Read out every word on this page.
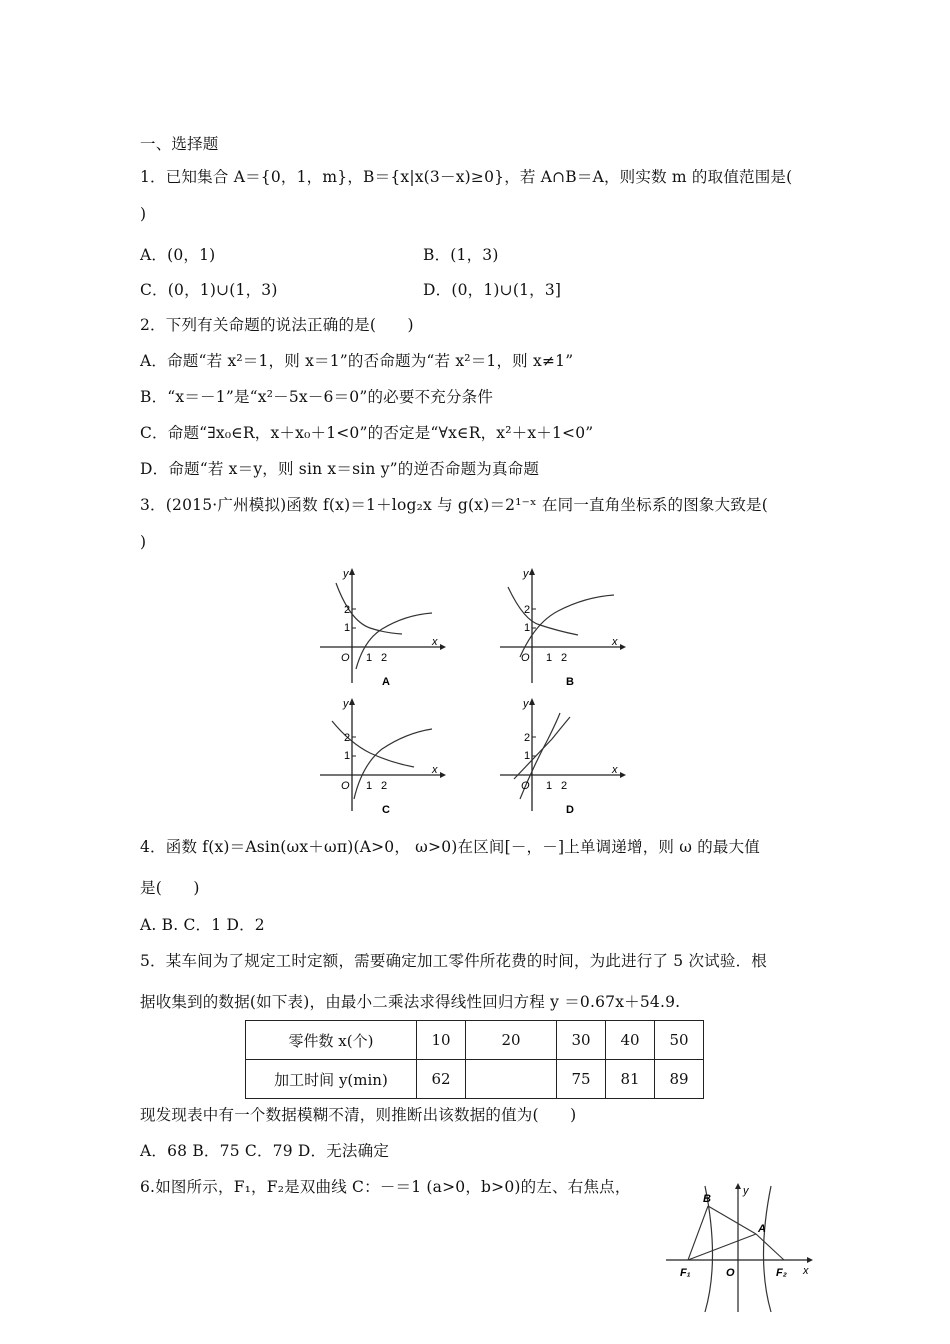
一、选择题
1．已知集合 A＝{0，1，m}，B＝{x|x(3－x)≥0}，若 A∩B＝A，则实数 m 的取值范围是(
)
A．(0，1)	B．(1，3)
C．(0，1)∪(1，3)	D．(0，1)∪(1，3]
2．下列有关命题的说法正确的是(　　)
A．命题“若 x²＝1，则 x＝1”的否命题为“若 x²＝1，则 x≠1”
B．“x＝－1”是“x²－5x－6＝0”的必要不充分条件
C．命题“∃x₀∈R，x＋x₀＋1<0”的否定是“∀x∈R，x²＋x＋1<0”
D．命题“若 x＝y，则 sin x＝sin y”的逆否命题为真命题
3．(2015·广州模拟)函数 f(x)＝1＋log₂x 与 g(x)＝2¹⁻ˣ 在同一直角坐标系的图象大致是(
)
y
x
O
2
1
1 2
A
y
x
O
2
1
1 2
B
y
x
O
2
1
1 2
C
y
x
O
2
1
1 2
D
4．函数 f(x)＝Asin(ωx＋ωπ)(A>0， ω>0)在区间[－，－]上单调递增，则 ω 的最大值
是(　　)
A. B. C．1 D．2
5．某车间为了规定工时定额，需要确定加工零件所花费的时间，为此进行了 5 次试验．根
据收集到的数据(如下表)，由最小二乘法求得线性回归方程 y ＝0.67x＋54.9.
零件数 x(个)	10	20	30	40	50
加工时间 y(min)	62		75	81	89
现发现表中有一个数据模糊不清，则推断出该数据的值为(　　)
A．68 B．75 C．79 D．无法确定
6.如图所示，F₁，F₂是双曲线 C：－＝1 (a>0，b>0)的左、右焦点，
B
A
F₁	O	F₂ x
y
